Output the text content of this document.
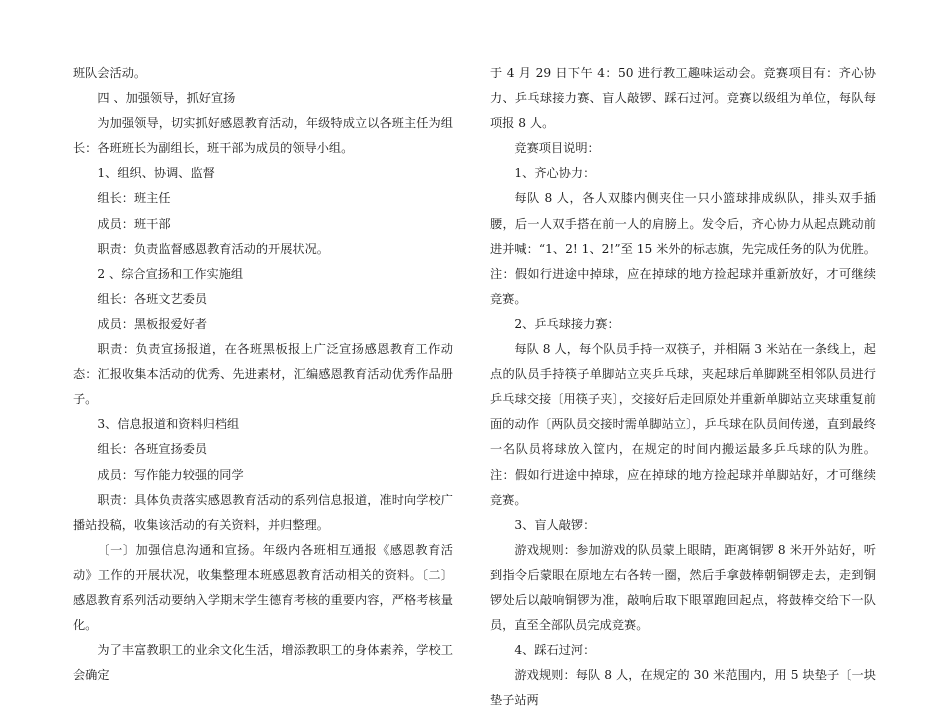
班队会活动。

四 、加强领导，抓好宣扬

为加强领导，切实抓好感恩教育活动，年级特成立以各班主任为组长：各班班长为副组长，班干部为成员的领导小组。

1、组织、协调、监督

组长：班主任

成员：班干部

职责：负责监督感恩教育活动的开展状况。

2 、综合宣扬和工作实施组

组长：各班文艺委员

成员：黑板报爱好者

职责：负责宣扬报道，在各班黑板报上广泛宣扬感恩教育工作动态：汇报收集本活动的优秀、先进素材，汇编感恩教育活动优秀作品册子。

3、信息报道和资料归档组

组长：各班宣扬委员

成员：写作能力较强的同学

职责：具体负责落实感恩教育活动的系列信息报道，准时向学校广播站投稿，收集该活动的有关资料，并归整理。

〔一〕加强信息沟通和宣扬。年级内各班相互通报《感恩教育活动》工作的开展状况，收集整理本班感恩教育活动相关的资料。〔二〕感恩教育系列活动要纳入学期末学生德育考核的重要内容，严格考核量化。

为了丰富教职工的业余文化生活，增添教职工的身体素养，学校工会确定

于 4 月 29 日下午 4：50 进行教工趣味运动会。竞赛项目有：齐心协力、乒乓球接力赛、盲人敲锣、踩石过河。竞赛以级组为单位，每队每项报 8 人。

竞赛项目说明：

1、齐心协力：

每队 8 人，各人双膝内侧夹住一只小篮球排成纵队，排头双手插腰，后一人双手搭在前一人的肩膀上。发令后，齐心协力从起点跳动前进并喊：“1、2! 1、2!”至 15 米外的标志旗，先完成任务的队为优胜。注：假如行进途中掉球，应在掉球的地方捡起球并重新放好，才可继续竞赛。

2、乒乓球接力赛：

每队 8 人，每个队员手持一双筷子，并相隔 3 米站在一条线上，起点的队员手持筷子单脚站立夹乒乓球，夹起球后单脚跳至相邻队员进行乒乓球交接〔用筷子夹〕，交接好后走回原处并重新单脚站立夹球重复前面的动作〔两队员交接时需单脚站立〕，乒乓球在队员间传递，直到最终一名队员将球放入筐内，在规定的时间内搬运最多乒乓球的队为胜。注：假如行进途中掉球，应在掉球的地方捡起球并单脚站好，才可继续竞赛。

3、盲人敲锣：

游戏规则：参加游戏的队员蒙上眼睛，距离铜锣 8 米开外站好，听到指令后蒙眼在原地左右各转一圈，然后手拿鼓棒朝铜锣走去，走到铜锣处后以敲响铜锣为准，敲响后取下眼罩跑回起点，将鼓棒交给下一队员，直至全部队员完成竞赛。

4、踩石过河：

游戏规则：每队 8 人，在规定的 30 米范围内，用 5 块垫子〔一块垫子站两
